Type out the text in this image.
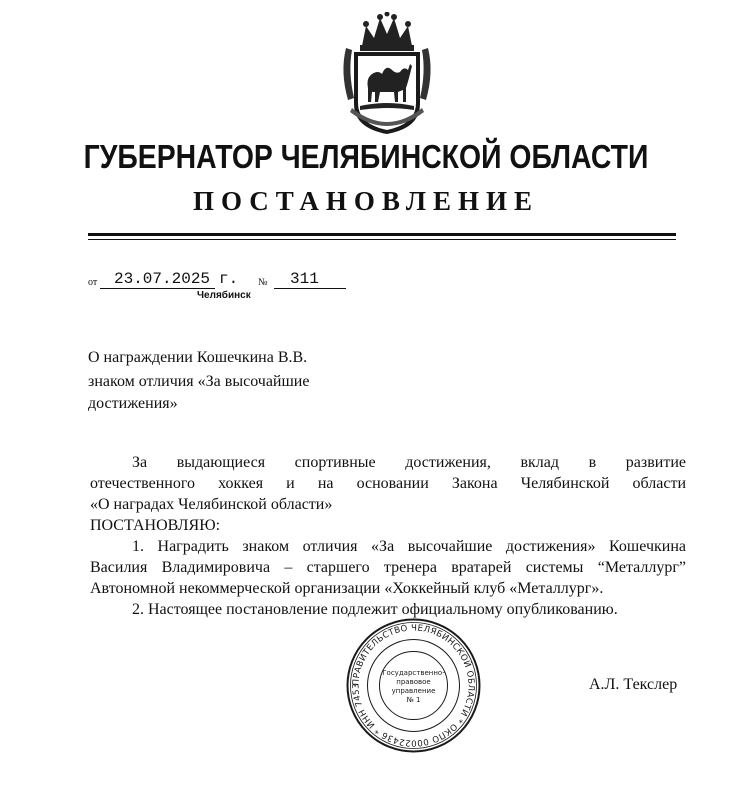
ГУБЕРНАТОР ЧЕЛЯБИНСКОЙ ОБЛАСТИ
ПОСТАНОВЛЕНИЕ
от 23.07.2025 г. № 311
Челябинск
О награждении Кошечкина В.В.
знаком отличия «За высочайшие
достижения»

За выдающиеся спортивные достижения, вклад в развитие

отечественного хоккея и на основании Закона Челябинской области

«О наградах Челябинской области»

ПОСТАНОВЛЯЮ:

1. Наградить знаком отличия «За высочайшие достижения» Кошечкина

Василия Владимировича – старшего тренера вратарей системы “Металлург”

Автономной некоммерческой организации «Хоккейный клуб «Металлург».

2. Настоящее постановление подлежит официальному опубликованию.

ПРАВИТЕЛЬСТВО ЧЕЛЯБИНСКОЙ ОБЛАСТИ * ОКПО 00022436 * ИНН 7453
Государственно-
правовое
управление
№ 1
А.Л. Текслер
